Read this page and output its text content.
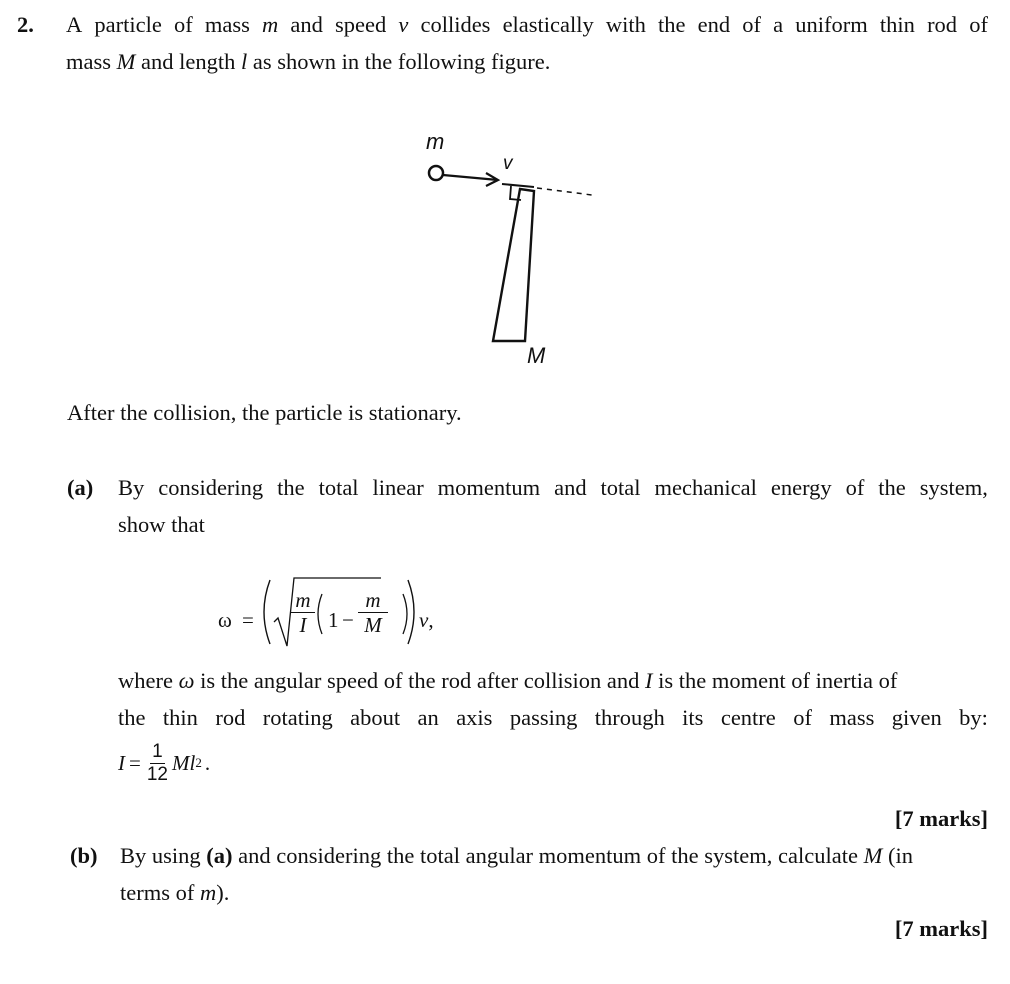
2. A particle of mass m and speed v collides elastically with the end of a uniform thin rod of
mass M and length l as shown in the following figure.
m
v
M
After the collision, the particle is stationary.
(a) By considering the total linear momentum and total mechanical energy of the system,
show that
ω =
m
I	1 −
m
M v,
where ω is the angular speed of the rod after collision and I is the moment of inertia of
the thin rod rotating about an axis passing through its centre of mass given by:
$I = \frac{1}{12}$ Ml 2 .
[7 marks]
(b) By using (a) and considering the total angular momentum of the system, calculate M (in
terms of m).
[7 marks]
